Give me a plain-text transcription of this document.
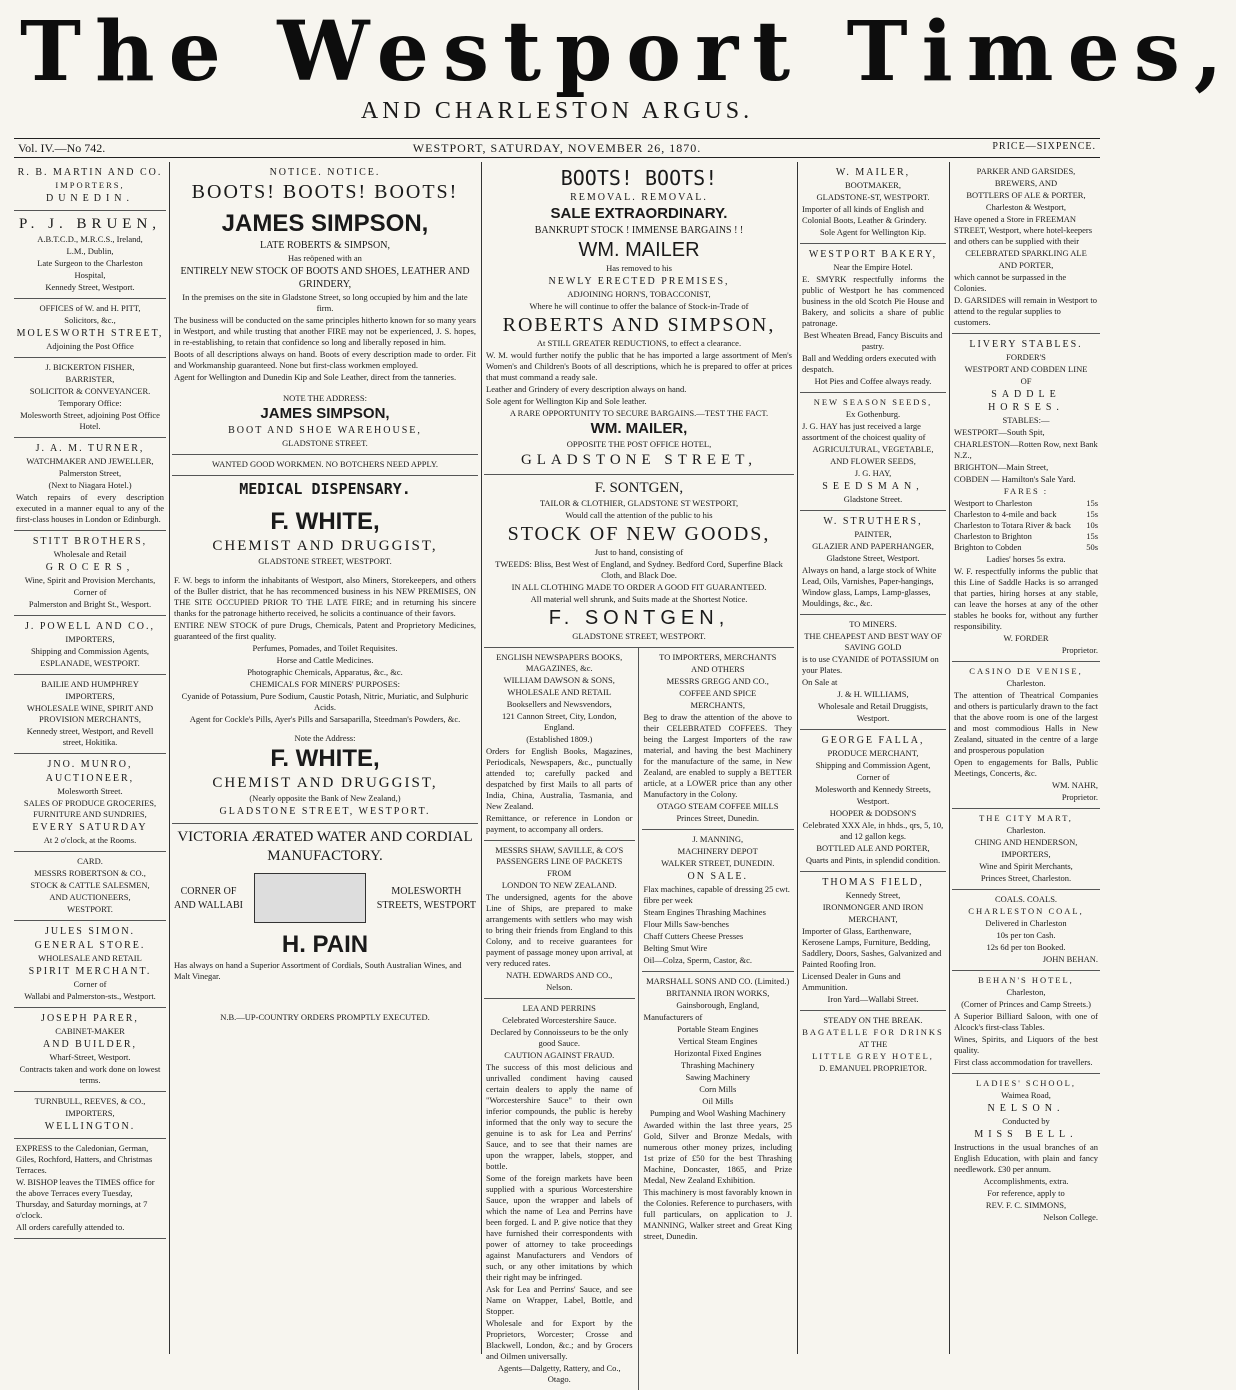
The Westport Times,
AND CHARLESTON ARGUS.
Vol. IV.—No 742.	WESTPORT, SATURDAY, NOVEMBER 26, 1870.	PRICE—SIXPENCE.

R. B. MARTIN AND CO.

IMPORTERS,

DUNEDIN.

P. J. BRUEN,

A.B.T.C.D., M.R.C.S., Ireland,

L.M., Dublin,

Late Surgeon to the Charleston

Hospital,

Kennedy Street, Westport.

OFFICES of W. and H. PITT,

Solicitors, &c.,

MOLESWORTH STREET,

Adjoining the Post Office

J. BICKERTON FISHER,

BARRISTER,

SOLICITOR & CONVEYANCER.

Temporary Office:

Molesworth Street, adjoining Post Office Hotel.

J. A. M. TURNER,

WATCHMAKER AND JEWELLER,

Palmerston Street,

(Next to Niagara Hotel.)

Watch repairs of every description executed in a manner equal to any of the first-class houses in London or Edinburgh.

STITT BROTHERS,

Wholesale and Retail

GROCERS,

Wine, Spirit and Provision Merchants,

Corner of

Palmerston and Bright St., Wesport.

J. POWELL AND CO.,

IMPORTERS,

Shipping and Commission Agents,

ESPLANADE, WESTPORT.

BAILIE AND HUMPHREY

IMPORTERS,

WHOLESALE WINE, SPIRIT AND PROVISION MERCHANTS,

Kennedy street, Westport, and Revell street, Hokitika.

JNO. MUNRO,

AUCTIONEER,

Molesworth Street.

SALES OF PRODUCE GROCERIES, FURNITURE AND SUNDRIES,

EVERY SATURDAY

At 2 o'clock, at the Rooms.

CARD.

MESSRS ROBERTSON & CO.,

STOCK & CATTLE SALESMEN,

AND AUCTIONEERS,

WESTPORT.

JULES SIMON.

GENERAL STORE.

WHOLESALE AND RETAIL

SPIRIT MERCHANT.

Corner of

Wallabi and Palmerston-sts., Westport.

JOSEPH PARER,

CABINET-MAKER

AND BUILDER,

Wharf-Street, Westport.

Contracts taken and work done on lowest terms.

TURNBULL, REEVES, & CO.,

IMPORTERS,

WELLINGTON.

EXPRESS to the Caledonian, German, Giles, Rochford, Hatters, and Christmas Terraces.

W. BISHOP leaves the TIMES office for the above Terraces every Tuesday, Thursday, and Saturday mornings, at 7 o'clock.

All orders carefully attended to.

NOTICE. NOTICE.

BOOTS! BOOTS! BOOTS!

JAMES SIMPSON,

LATE ROBERTS & SIMPSON,

Has reöpened with an

ENTIRELY NEW STOCK OF BOOTS AND SHOES, LEATHER AND GRINDERY,

In the premises on the site in Gladstone Street, so long occupied by him and the late firm.

The business will be conducted on the same principles hitherto known for so many years in Westport, and while trusting that another FIRE may not be experienced, J. S. hopes, in re-establishing, to retain that confidence so long and liberally reposed in him.

Boots of all descriptions always on hand. Boots of every description made to order. Fit and Workmanship guaranteed. None but first-class workmen employed.

Agent for Wellington and Dunedin Kip and Sole Leather, direct from the tanneries.

NOTE THE ADDRESS:

JAMES SIMPSON,

BOOT AND SHOE WAREHOUSE,

GLADSTONE STREET.

WANTED GOOD WORKMEN. NO BOTCHERS NEED APPLY.

MEDICAL DISPENSARY.

F. WHITE,

CHEMIST AND DRUGGIST,

GLADSTONE STREET, WESTPORT.

F. W. begs to inform the inhabitants of Westport, also Miners, Storekeepers, and others of the Buller district, that he has recommenced business in his NEW PREMISES, ON THE SITE OCCUPIED PRIOR TO THE LATE FIRE; and in returning his sincere thanks for the patronage hitherto received, he solicits a continuance of their favors.

ENTIRE NEW STOCK of pure Drugs, Chemicals, Patent and Proprietory Medicines, guaranteed of the first quality.

Perfumes, Pomades, and Toilet Requisites.

Horse and Cattle Medicines.

Photographic Chemicals, Apparatus, &c., &c.

CHEMICALS FOR MINERS' PURPOSES:

Cyanide of Potassium, Pure Sodium, Caustic Potash, Nitric, Muriatic, and Sulphuric Acids.

Agent for Cockle's Pills, Ayer's Pills and Sarsaparilla, Steedman's Powders, &c.

Note the Address:

F. WHITE,

CHEMIST AND DRUGGIST,

(Nearly opposite the Bank of New Zealand,)

GLADSTONE STREET, WESTPORT.

VICTORIA ÆRATED WATER AND CORDIAL

MANUFACTORY.

CORNER OF

AND WALLABI

MOLESWORTH

STREETS, WESTPORT

H. PAIN

Has always on hand a Superior Assortment of Cordials, South Australian Wines, and Malt Vinegar.

N.B.—UP-COUNTRY ORDERS PROMPTLY EXECUTED.

BOOTS! BOOTS!

REMOVAL. REMOVAL.

SALE EXTRAORDINARY.

BANKRUPT STOCK ! IMMENSE BARGAINS ! !

WM. MAILER

Has removed to his

NEWLY ERECTED PREMISES,

ADJOINING HORN'S, TOBACCONIST,

Where he will continue to offer the balance of Stock-in-Trade of

ROBERTS AND SIMPSON,

At STILL GREATER REDUCTIONS, to effect a clearance.

W. M. would further notify the public that he has imported a large assortment of Men's Women's and Children's Boots of all descriptions, which he is prepared to offer at prices that must command a ready sale.

Leather and Grindery of every description always on hand.

Sole agent for Wellington Kip and Sole leather.

A RARE OPPORTUNITY TO SECURE BARGAINS.—TEST THE FACT.

WM. MAILER,

OPPOSITE THE POST OFFICE HOTEL,

GLADSTONE STREET,

F. SONTGEN,

TAILOR & CLOTHIER, GLADSTONE ST WESTPORT,

Would call the attention of the public to his

STOCK OF NEW GOODS,

Just to hand, consisting of

TWEEDS: Bliss, Best West of England, and Sydney. Bedford Cord, Superfine Black Cloth, and Black Doe.

IN ALL CLOTHING MADE TO ORDER A GOOD FIT GUARANTEED.

All material well shrunk, and Suits made at the Shortest Notice.

F. SONTGEN,

GLADSTONE STREET, WESTPORT.

ENGLISH NEWSPAPERS BOOKS, MAGAZINES, &c.

WILLIAM DAWSON & SONS,

WHOLESALE AND RETAIL

Booksellers and Newsvendors,

121 Cannon Street, City, London, England.

(Established 1809.)

Orders for English Books, Magazines, Periodicals, Newspapers, &c., punctually attended to; carefully packed and despatched by first Mails to all parts of India, China, Australia, Tasmania, and New Zealand.

Remittance, or reference in London or payment, to accompany all orders.

MESSRS SHAW, SAVILLE, & CO'S PASSENGERS LINE OF PACKETS

FROM

LONDON TO NEW ZEALAND.

The undersigned, agents for the above Line of Ships, are prepared to make arrangements with settlers who may wish to bring their friends from England to this Colony, and to receive guarantees for payment of passage money upon arrival, at very reduced rates.

NATH. EDWARDS AND CO.,

Nelson.

LEA AND PERRINS

Celebrated Worcestershire Sauce.

Declared by Connoisseurs to be the only good Sauce.

CAUTION AGAINST FRAUD.

The success of this most delicious and unrivalled condiment having caused certain dealers to apply the name of "Worcestershire Sauce" to their own inferior compounds, the public is hereby informed that the only way to secure the genuine is to ask for Lea and Perrins' Sauce, and to see that their names are upon the wrapper, labels, stopper, and bottle.

Some of the foreign markets have been supplied with a spurious Worcestershire Sauce, upon the wrapper and labels of which the name of Lea and Perrins have been forged. L and P. give notice that they have furnished their correspondents with power of attorney to take proceedings against Manufacturers and Vendors of such, or any other imitations by which their right may be infringed.

Ask for Lea and Perrins' Sauce, and see Name on Wrapper, Label, Bottle, and Stopper.

Wholesale and for Export by the Proprietors, Worcester; Crosse and Blackwell, London, &c.; and by Grocers and Oilmen universally.

Agents—Dalgetty, Rattery, and Co., Otago.

TO IMPORTERS, MERCHANTS

AND OTHERS

MESSRS GREGG AND CO.,

COFFEE AND SPICE

MERCHANTS,

Beg to draw the attention of the above to their CELEBRATED COFFEES. They being the Largest Importers of the raw material, and having the best Machinery for the manufacture of the same, in New Zealand, are enabled to supply a BETTER article, at a LOWER price than any other Manufactory in the Colony.

OTAGO STEAM COFFEE MILLS

Princes Street, Dunedin.

J. MANNING,

MACHINERY DEPOT

WALKER STREET, DUNEDIN.

ON SALE.

Flax machines, capable of dressing 25 cwt. fibre per week

Steam Engines Thrashing Machines

Flour Mills Saw-benches

Chaff Cutters Cheese Presses

Belting Smut Wire

Oil—Colza, Sperm, Castor, &c.

MARSHALL SONS AND CO. (Limited.)

BRITANNIA IRON WORKS,

Gainsborough, England,

Manufacturers of

Portable Steam Engines

Vertical Steam Engines

Horizontal Fixed Engines

Thrashing Machinery

Sawing Machinery

Corn Mills

Oil Mills

Pumping and Wool Washing Machinery

Awarded within the last three years, 25 Gold, Silver and Bronze Medals, with numerous other money prizes, including 1st prize of £50 for the best Thrashing Machine, Doncaster, 1865, and Prize Medal, New Zealand Exhibition.

This machinery is most favorably known in the Colonies. Reference to purchasers, with full particulars, on application to J. MANNING, Walker street and Great King street, Dunedin.

W. MAILER,

BOOTMAKER,

GLADSTONE-ST, WESTPORT.

Importer of all kinds of English and Colonial Boots, Leather & Grindery.

Sole Agent for Wellington Kip.

WESTPORT BAKERY,

Near the Empire Hotel.

E. SMYRK respectfully informs the public of Westport he has commenced business in the old Scotch Pie House and Bakery, and solicits a share of public patronage.

Best Wheaten Bread, Fancy Biscuits and pastry.

Ball and Wedding orders executed with despatch.

Hot Pies and Coffee always ready.

NEW SEASON SEEDS,

Ex Gothenburg.

J. G. HAY has just received a large assortment of the choicest quality of

AGRICULTURAL, VEGETABLE,

AND FLOWER SEEDS,

J. G. HAY,

SEEDSMAN,

Gladstone Street.

W. STRUTHERS,

PAINTER,

GLAZIER AND PAPERHANGER,

Gladstone Street, Westport.

Always on hand, a large stock of White Lead, Oils, Varnishes, Paper-hangings, Window glass, Lamps, Lamp-glasses, Mouldings, &c., &c.

TO MINERS.

THE CHEAPEST AND BEST WAY OF SAVING GOLD

is to use CYANIDE of POTASSIUM on your Plates.

On Sale at

J. & H. WILLIAMS,

Wholesale and Retail Druggists,

Westport.

GEORGE FALLA,

PRODUCE MERCHANT,

Shipping and Commission Agent,

Corner of

Molesworth and Kennedy Streets,

Westport.

HOOPER & DODSON'S

Celebrated XXX Ale, in hhds., qrs, 5, 10, and 12 gallon kegs.

BOTTLED ALE AND PORTER,

Quarts and Pints, in splendid condition.

THOMAS FIELD,

Kennedy Street,

IRONMONGER AND IRON

MERCHANT,

Importer of Glass, Earthenware, Kerosene Lamps, Furniture, Bedding, Saddlery, Doors, Sashes, Galvanized and Painted Roofing Iron.

Licensed Dealer in Guns and Ammunition.

Iron Yard—Wallabi Street.

STEADY ON THE BREAK.

BAGATELLE FOR DRINKS

AT THE

LITTLE GREY HOTEL,

D. EMANUEL PROPRIETOR.

PARKER AND GARSIDES,

BREWERS, AND

BOTTLERS OF ALE & PORTER,

Charleston & Westport,

Have opened a Store in FREEMAN STREET, Westport, where hotel-keepers and others can be supplied with their

CELEBRATED SPARKLING ALE

AND PORTER,

which cannot be surpassed in the Colonies.

D. GARSIDES will remain in Westport to attend to the regular supplies to customers.

LIVERY STABLES.

FORDER'S

WESTPORT AND COBDEN LINE

OF

SADDLE HORSES.

STABLES:—

WESTPORT—South Spit,

CHARLESTON—Rotten Row, next Bank N.Z.,

BRIGHTON—Main Street,

COBDEN — Hamilton's Sale Yard.

FARES :

Westport to Charleston	15s
Charleston to 4-mile and back	15s
Charleston to Totara River & back 10s
Charleston to Brighton	15s
Brighton to Cobden	50s

Ladies' horses 5s extra.

W. F. respectfully informs the public that this Line of Saddle Hacks is so arranged that parties, hiring horses at any stable, can leave the horses at any of the other stables he books for, without any further responsibility.

W. FORDER

Proprietor.

CASINO DE VENISE,

Charleston.

The attention of Theatrical Companies and others is particularly drawn to the fact that the above room is one of the largest and most commodious Halls in New Zealand, situated in the centre of a large and prosperous population

Open to engagements for Balls, Public Meetings, Concerts, &c.

WM. NAHR,

Proprietor.

THE CITY MART,

Charleston.

CHING AND HENDERSON,

IMPORTERS,

Wine and Spirit Merchants,

Princes Street, Charleston.

COALS. COALS.

CHARLESTON COAL,

Delivered in Charleston

10s per ton Cash.

12s 6d per ton Booked.

JOHN BEHAN.

BEHAN'S HOTEL,

Charleston,

(Corner of Princes and Camp Streets.)

A Superior Billiard Saloon, with one of Alcock's first-class Tables.

Wines, Spirits, and Liquors of the best quality.

First class accommodation for travellers.

LADIES' SCHOOL,

Waimea Road,

NELSON.

Conducted by

MISS BELL.

Instructions in the usual branches of an English Education, with plain and fancy needlework. £30 per annum.

Accomplishments, extra.

For reference, apply to

REV. F. C. SIMMONS,

Nelson College.
